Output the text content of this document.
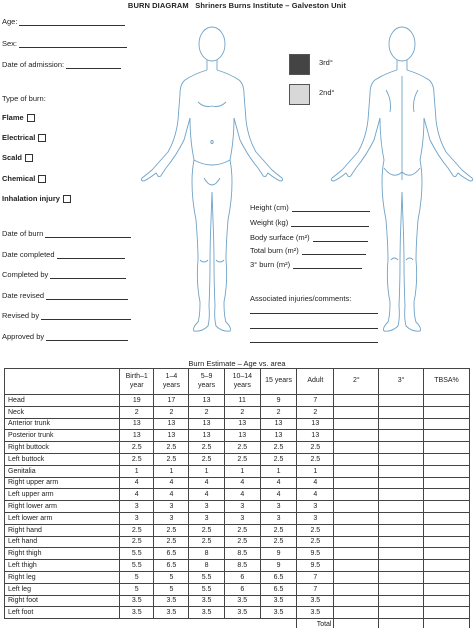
BURN DIAGRAM Shriners Burns Institute – Galveston Unit
Age:
Sex:
Date of admission:
Type of burn:
Flame
Electrical
Scald
Chemical
Inhalation injury
Date of burn
Date completed
Completed by
Date revised
Revised by
Approved by
3rd°
2nd°
Height (cm)
Weight (kg)
Body surface (m²)
Total burn (m²)
3° burn (m²)
Associated injuries/comments:
Burn Estimate – Age vs. area
	Birth–1 year	1–4 years	5–9 years	10–14 years	15 years	Adult	2°	3°	TBSA%
Head	19	17	13	11	9	7			
Neck	2	2	2	2	2	2			
Anterior trunk	13	13	13	13	13	13			
Posterior trunk	13	13	13	13	13	13			
Right buttock	2.5	2.5	2.5	2.5	2.5	2.5			
Left buttock	2.5	2.5	2.5	2.5	2.5	2.5			
Genitalia	1	1	1	1	1	1			
Right upper arm	4	4	4	4	4	4			
Left upper arm	4	4	4	4	4	4			
Right lower arm	3	3	3	3	3	3			
Left lower arm	3	3	3	3	3	3			
Right hand	2.5	2.5	2.5	2.5	2.5	2.5			
Left hand	2.5	2.5	2.5	2.5	2.5	2.5			
Right thigh	5.5	6.5	8	8.5	9	9.5			
Left thigh	5.5	6.5	8	8.5	9	9.5			
Right leg	5	5	5.5	6	6.5	7			
Left leg	5	5	5.5	6	6.5	7			
Right foot	3.5	3.5	3.5	3.5	3.5	3.5			
Left foot	3.5	3.5	3.5	3.5	3.5	3.5			
						Total			
